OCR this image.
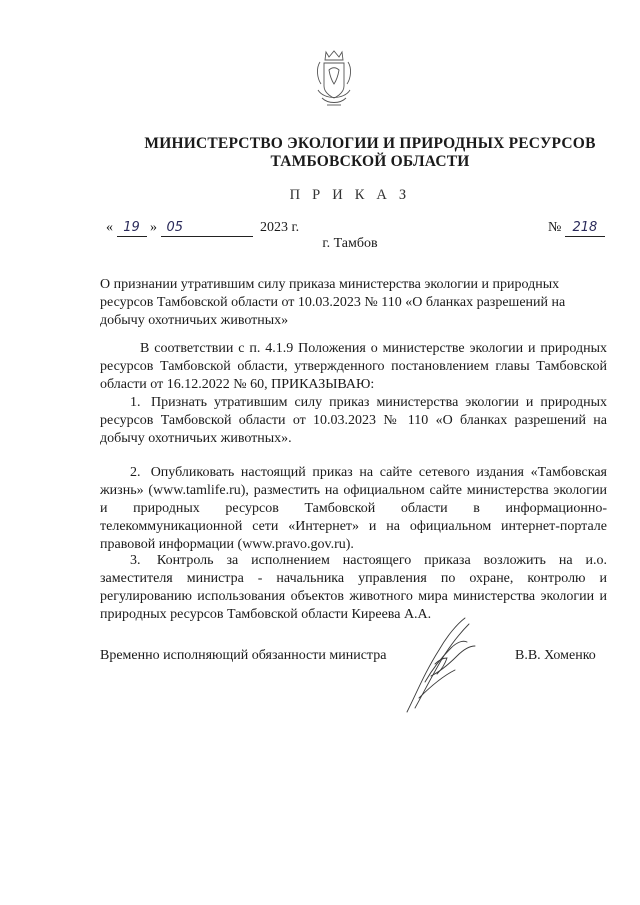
МИНИСТЕРСТВО ЭКОЛОГИИ И ПРИРОДНЫХ РЕСУРСОВ
ТАМБОВСКОЙ ОБЛАСТИ
П Р И К А З
« 19 » 05	2023 г.	№ 218
г. Тамбов
О признании утратившим силу приказа министерства экологии и природных ресурсов Тамбовской области от 10.03.2023 № 110 «О бланках разрешений на добычу охотничьих животных»
В соответствии с п. 4.1.9 Положения о министерстве экологии и природных ресурсов Тамбовской области, утвержденного постановлением главы Тамбовской области от 16.12.2022 № 60, ПРИКАЗЫВАЮ:
1. Признать утратившим силу приказ министерства экологии и природных ресурсов Тамбовской области от 10.03.2023 № 110 «О бланках разрешений на добычу охотничьих животных».
2. Опубликовать настоящий приказ на сайте сетевого издания «Тамбовская жизнь» (www.tamlife.ru), разместить на официальном сайте министерства экологии и природных ресурсов Тамбовской области в информационно-телекоммуникационной сети «Интернет» и на официальном интернет-портале правовой информации (www.pravo.gov.ru).
3. Контроль за исполнением настоящего приказа возложить на и.о. заместителя министра - начальника управления по охране, контролю и регулированию использования объектов животного мира министерства экологии и природных ресурсов Тамбовской области Киреева А.А.
Временно исполняющий обязанности министра	В.В. Хоменко
